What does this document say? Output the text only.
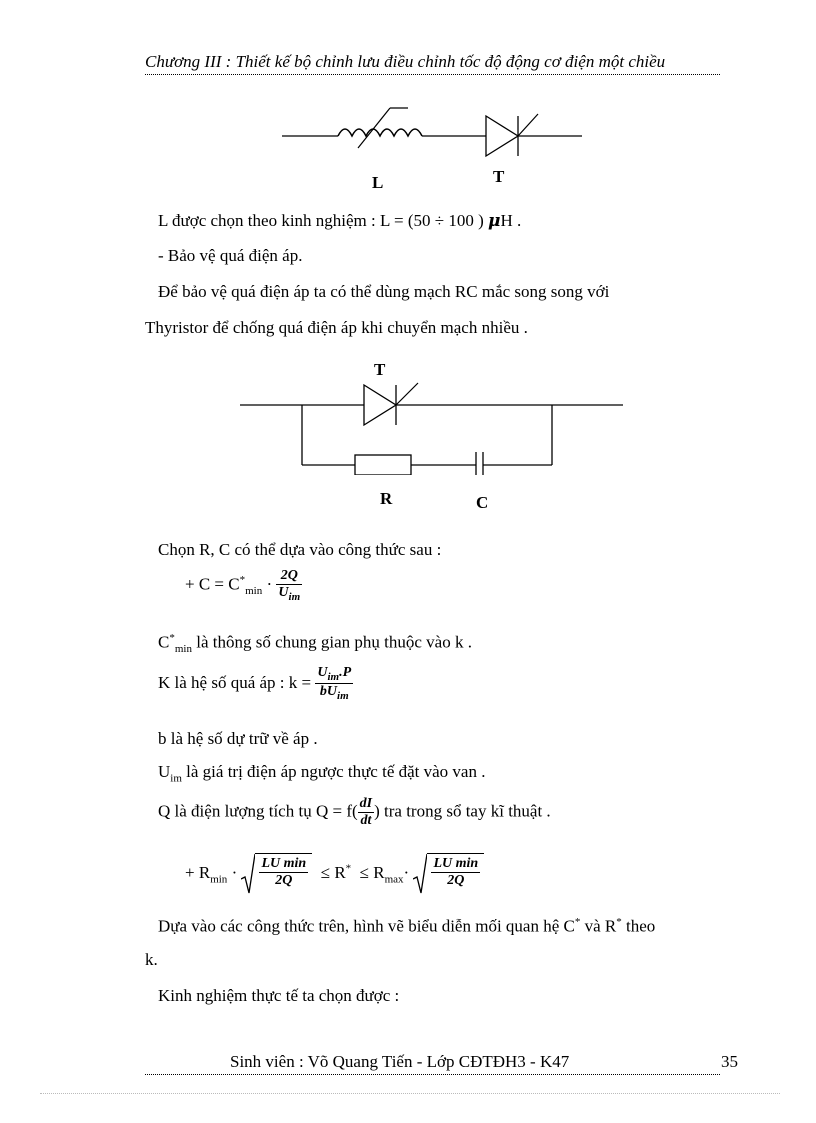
Chương III : Thiết kế bộ chỉnh lưu điều chỉnh tốc độ động cơ điện một chiều
L	T
L được chọn theo kinh nghiệm : L = (50 ÷ 100 ) μH .
- Bảo vệ quá điện áp.
Để bảo vệ quá điện áp ta có thể dùng mạch RC mắc song song với
Thyristor để chống quá điện áp khi chuyển mạch nhiều .
T
R	C
Chọn R, C có thể dựa vào công thức sau :
+ $C = C^*_{min} \cdot \frac{2Q}{U_{im}}$
$C^*_{min}$ là thông số chung gian phụ thuộc vào k .
K là hệ số quá áp : $k = \frac{U_{im}.P}{bU_{im}}$
b là hệ số dự trữ về áp .
$U_{im}$ là giá trị điện áp ngược thực tế đặt vào van .
Q là điện lượng tích tụ $Q = f( \frac{dI}{dt}$ ) tra trong sổ tay kĩ thuật .
+ $R_{min} \cdot \frac{\text{LU min}}{2Q} \le R^* \le R_{max}\cdot \frac{\text{LU min}}{2Q}$
Dựa vào các công thức trên, hình vẽ biểu diễn mối quan hệ C* và R* theo
k.
Kinh nghiệm thực tế ta chọn được :
Sinh viên : Võ Quang Tiến - Lớp CĐTĐH3 - K47	35
